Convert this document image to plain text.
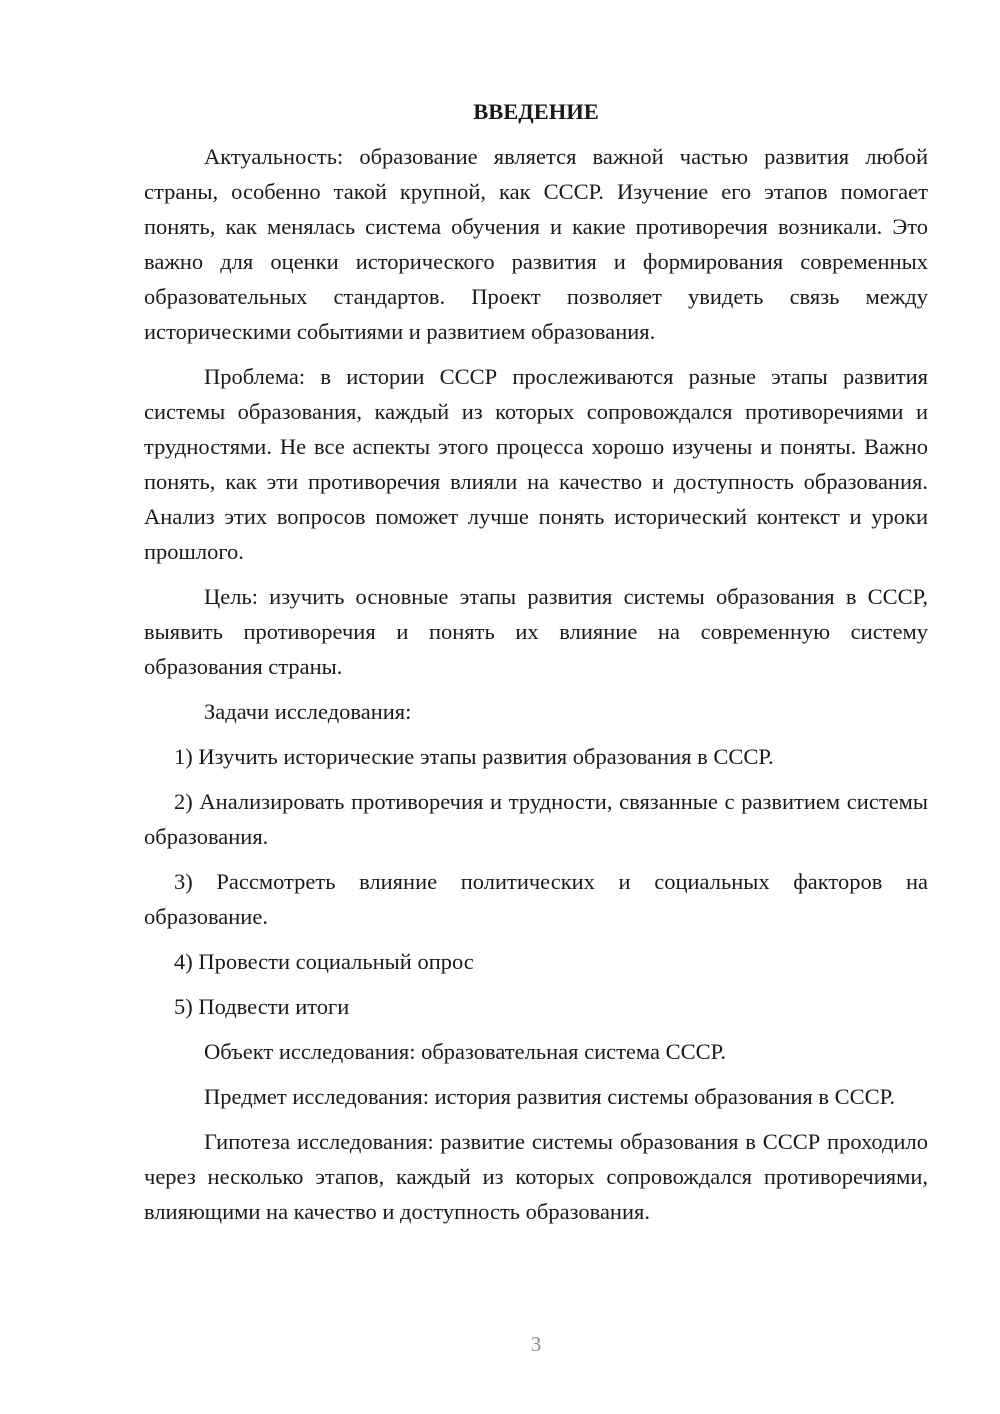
ВВЕДЕНИЕ

Актуальность: образование является важной частью развития любой страны, особенно такой крупной, как СССР. Изучение его этапов помогает понять, как менялась система обучения и какие противоречия возникали. Это важно для оценки исторического развития и формирования современных образовательных стандартов. Проект позволяет увидеть связь между историческими событиями и развитием образования.

Проблема: в истории СССР прослеживаются разные этапы развития системы образования, каждый из которых сопровождался противоречиями и трудностями. Не все аспекты этого процесса хорошо изучены и поняты. Важно понять, как эти противоречия влияли на качество и доступность образования. Анализ этих вопросов поможет лучше понять исторический контекст и уроки прошлого.

Цель: изучить основные этапы развития системы образования в СССР, выявить противоречия и понять их влияние на современную систему образования страны.

Задачи исследования:

1) Изучить исторические этапы развития образования в СССР.

2) Анализировать противоречия и трудности, связанные с развитием системы образования.

3) Рассмотреть влияние политических и социальных факторов на образование.

4) Провести социальный опрос

5) Подвести итоги

Объект исследования: образовательная система СССР.

Предмет исследования: история развития системы образования в СССР.

Гипотеза исследования: развитие системы образования в СССР проходило через несколько этапов, каждый из которых сопровождался противоречиями, влияющими на качество и доступность образования.

3
